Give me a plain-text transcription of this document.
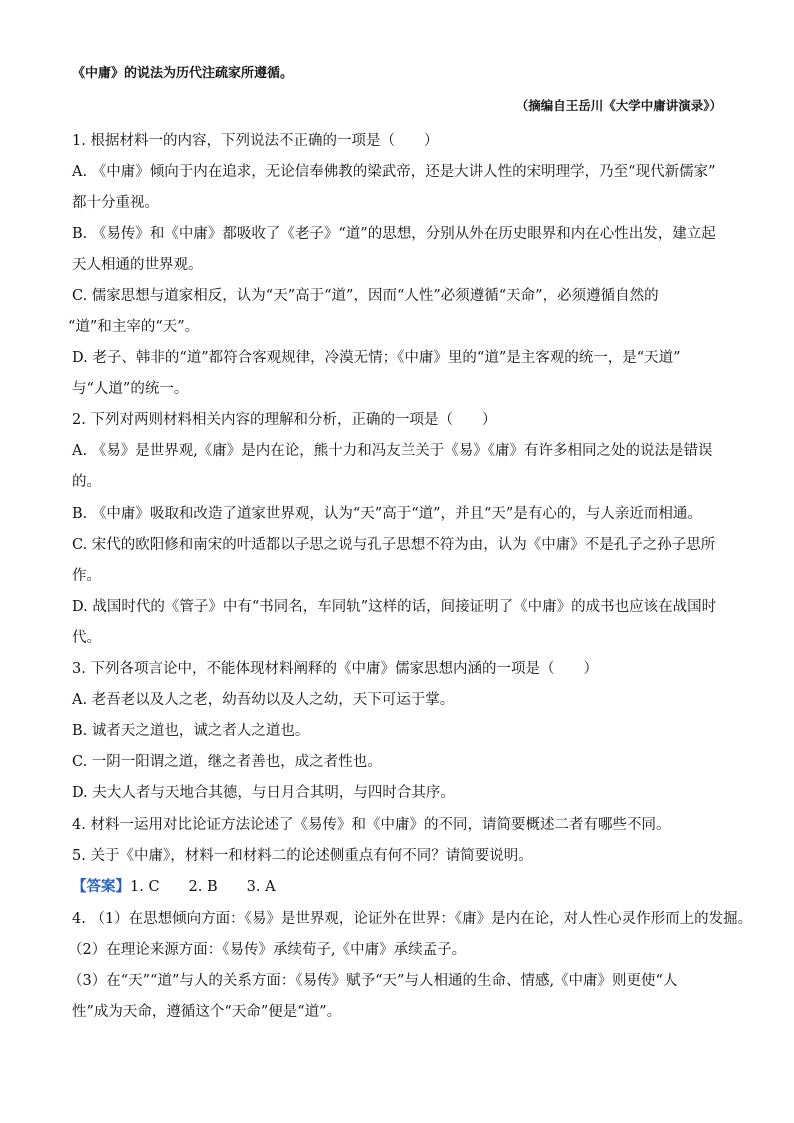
《中庸》的说法为历代注疏家所遵循。
（摘编自王岳川《大学中庸讲演录》）
1. 根据材料一的内容，下列说法不正确的一项是（　　）
A. 《中庸》倾向于内在追求，无论信奉佛教的梁武帝，还是大讲人性的宋明理学，乃至“现代新儒家”
都十分重视。
B. 《易传》和《中庸》都吸收了《老子》“道”的思想，分别从外在历史眼界和内在心性出发，建立起
天人相通的世界观。
C. 儒家思想与道家相反，认为“天”高于“道”，因而“人性”必须遵循“天命”，必须遵循自然的
“道”和主宰的“天”。
D. 老子、韩非的“道”都符合客观规律，冷漠无情；《中庸》里的“道”是主客观的统一，是“天道”
与“人道”的统一。
2. 下列对两则材料相关内容的理解和分析，正确的一项是（　　）
A. 《易》是世界观,《庸》是内在论，熊十力和冯友兰关于《易》《庸》有许多相同之处的说法是错误
的。
B. 《中庸》吸取和改造了道家世界观，认为“天”高于“道”，并且“天”是有心的，与人亲近而相通。
C. 宋代的欧阳修和南宋的叶适都以子思之说与孔子思想不符为由，认为《中庸》不是孔子之孙子思所
作。
D. 战国时代的《管子》中有“书同名，车同轨”这样的话，间接证明了《中庸》的成书也应该在战国时
代。
3. 下列各项言论中，不能体现材料阐释的《中庸》儒家思想内涵的一项是（　　）
A. 老吾老以及人之老，幼吾幼以及人之幼，天下可运于掌。
B. 诚者天之道也，诚之者人之道也。
C. 一阴一阳谓之道，继之者善也，成之者性也。
D. 夫大人者与天地合其德，与日月合其明，与四时合其序。
4. 材料一运用对比论证方法论述了《易传》和《中庸》的不同，请简要概述二者有哪些不同。
5. 关于《中庸》，材料一和材料二的论述侧重点有何不同？请简要说明。
【答案】1. C　　2. B　　3. A
4. （1）在思想倾向方面：《易》是世界观，论证外在世界：《庸》是内在论，对人性心灵作形而上的发掘。
（2）在理论来源方面：《易传》承续荀子,《中庸》承续孟子。
（3）在“天”“道”与人的关系方面：《易传》赋予“天”与人相通的生命、情感,《中庸》则更使“人
性”成为天命，遵循这个“天命”便是“道”。
